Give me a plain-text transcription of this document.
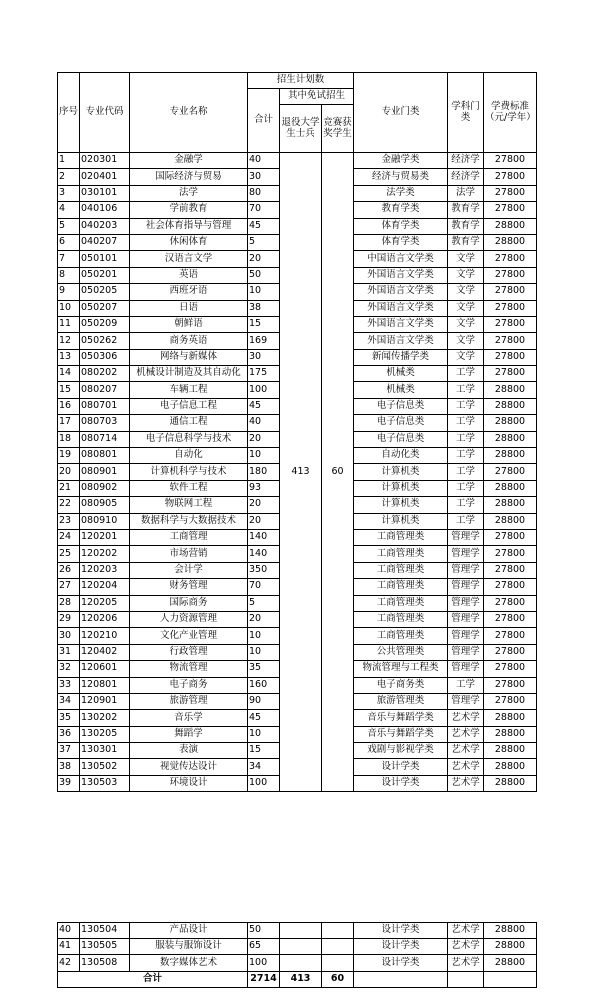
序号	专业代码	专业名称	招生计划数			专业门类	学科门类	学费标准（元/学年）
			合计	其中免试招生				
				退役大学生士兵	竞赛获奖学生			
1	020301	金融学	40	413	60	金融学类	经济学	27800
2	020401	国际经济与贸易	30			经济与贸易类	经济学	27800
3	030101	法学	80			法学类	法学	27800
4	040106	学前教育	70			教育学类	教育学	27800
5	040203	社会体育指导与管理	45			体育学类	教育学	28800
6	040207	休闲体育	5			体育学类	教育学	28800
7	050101	汉语言文学	20			中国语言文学类	文学	27800
8	050201	英语	50			外国语言文学类	文学	27800
9	050205	西班牙语	10			外国语言文学类	文学	27800
10	050207	日语	38			外国语言文学类	文学	27800
11	050209	朝鲜语	15			外国语言文学类	文学	27800
12	050262	商务英语	169			外国语言文学类	文学	27800
13	050306	网络与新媒体	30			新闻传播学类	文学	27800
14	080202	机械设计制造及其自动化	175			机械类	工学	27800
15	080207	车辆工程	100			机械类	工学	28800
16	080701	电子信息工程	45			电子信息类	工学	28800
17	080703	通信工程	40			电子信息类	工学	28800
18	080714	电子信息科学与技术	20			电子信息类	工学	28800
19	080801	自动化	10			自动化类	工学	28800
20	080901	计算机科学与技术	180			计算机类	工学	27800
21	080902	软件工程	93			计算机类	工学	28800
22	080905	物联网工程	20			计算机类	工学	28800
23	080910	数据科学与大数据技术	20			计算机类	工学	28800
24	120201	工商管理	140			工商管理类	管理学	27800
25	120202	市场营销	140			工商管理类	管理学	27800
26	120203	会计学	350			工商管理类	管理学	27800
27	120204	财务管理	70			工商管理类	管理学	27800
28	120205	国际商务	5			工商管理类	管理学	27800
29	120206	人力资源管理	20			工商管理类	管理学	27800
30	120210	文化产业管理	10			工商管理类	管理学	27800
31	120402	行政管理	10			公共管理类	管理学	27800
32	120601	物流管理	35			物流管理与工程类	管理学	27800
33	120801	电子商务	160			电子商务类	工学	27800
34	120901	旅游管理	90			旅游管理类	管理学	27800
35	130202	音乐学	45			音乐与舞蹈学类	艺术学	28800
36	130205	舞蹈学	10			音乐与舞蹈学类	艺术学	28800
37	130301	表演	15			戏剧与影视学类	艺术学	28800
38	130502	视觉传达设计	34			设计学类	艺术学	28800
39	130503	环境设计	100			设计学类	艺术学	28800
40	130504	产品设计	50			设计学类	艺术学	28800
41	130505	服装与服饰设计	65			设计学类	艺术学	28800
42	130508	数字媒体艺术	100			设计学类	艺术学	28800
合计			2714	413	60			
